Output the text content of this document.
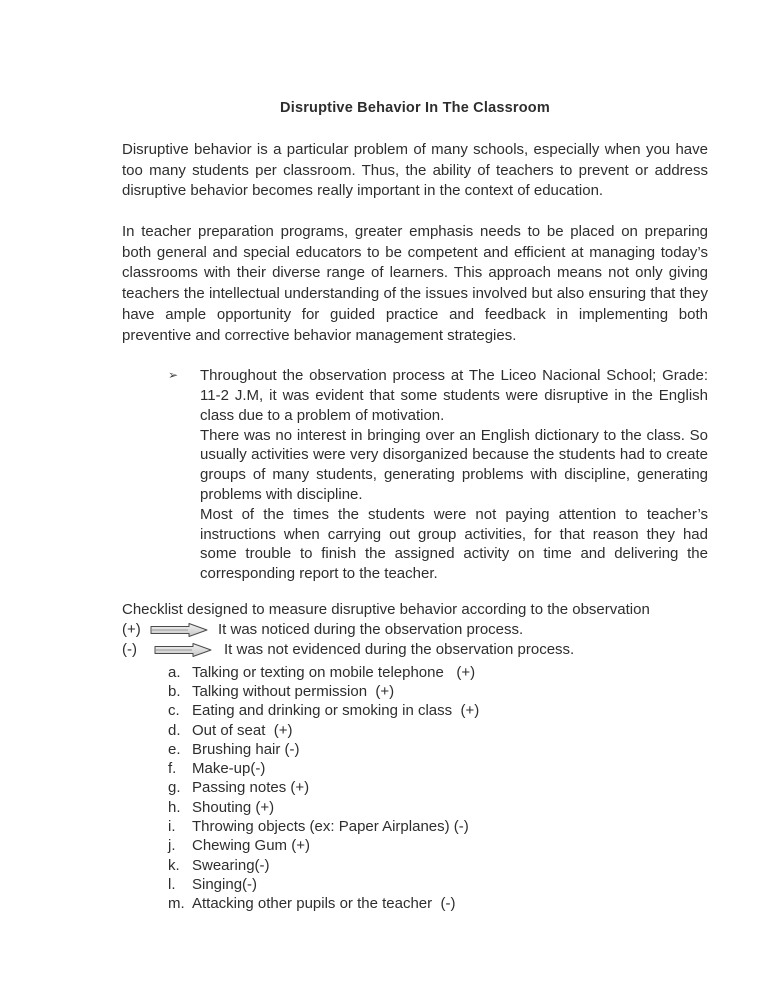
Disruptive Behavior In The Classroom

Disruptive behavior is a particular problem of many schools, especially when you have too many students per classroom. Thus, the ability of teachers to prevent or address disruptive behavior becomes really important in the context of education.

In teacher preparation programs, greater emphasis needs to be placed on preparing both general and special educators to be competent and efficient at managing today’s classrooms with their diverse range of learners. This approach means not only giving teachers the intellectual understanding of the issues involved but also ensuring that they have ample opportunity for guided practice and feedback in implementing both preventive and corrective behavior management strategies.

➢	Throughout the observation process at The Liceo Nacional School; Grade: 11-2 J.M, it was evident that some students were disruptive in the English class due to a problem of motivation.

There was no interest in bringing over an English dictionary to the class. So usually activities were very disorganized because the students had to create groups of many students, generating problems with discipline, generating problems with discipline.

Most of the times the students were not paying attention to teacher’s instructions when carrying out group activities, for that reason they had some trouble to finish the assigned activity on time and delivering the corresponding report to the teacher.

Checklist designed to measure disruptive behavior according to the observation

(+)	It was noticed during the observation process.
(-)	It was not evidenced during the observation process.
a. Talking or texting on mobile telephone   (+)
b. Talking without permission  (+)
c. Eating and drinking or smoking in class  (+)
d. Out of seat  (+)
e. Brushing hair (-)
f.	Make-up(-)
g. Passing notes (+)
h. Shouting (+)
i.	Throwing objects (ex: Paper Airplanes) (-)
j.	Chewing Gum (+)
k. Swearing(-)
l.	Singing(-)
m. Attacking other pupils or the teacher  (-)
